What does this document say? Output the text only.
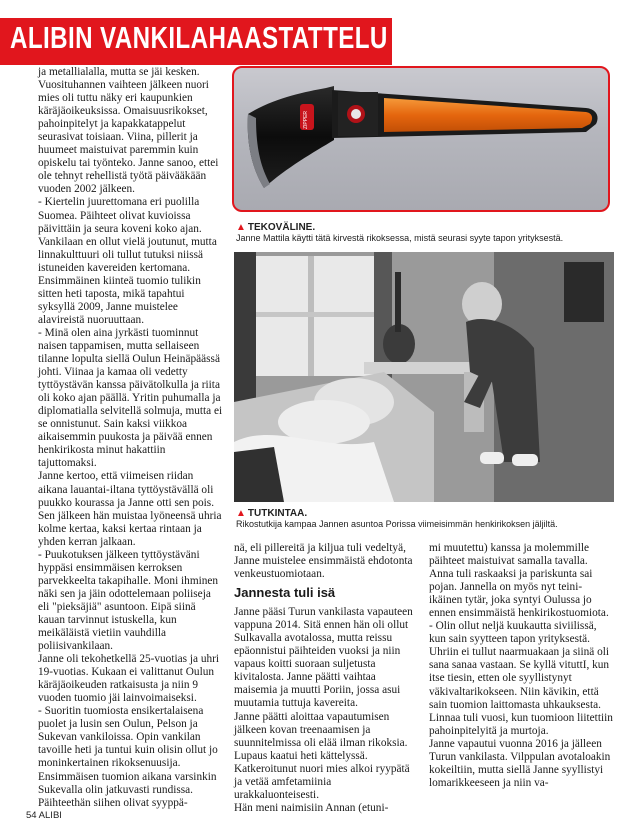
ALIBIN VANKILAHAASTATTELU

ja metallialalla, mutta se jäi kesken. Vuosituhannen vaihteen jälkeen nuori mies oli tuttu näky eri kaupunkien käräjäoikeuksissa. Omaisuusrikokset, pahoinpitelyt ja kapakkatappelut seurasivat toisiaan. Viina, pillerit ja huumeet maistuivat paremmin kuin opiskelu tai työnteko. Janne sanoo, ettei ole tehnyt rehellistä työtä päivääkään vuoden 2002 jälkeen.

- Kiertelin juurettomana eri puolilla Suomea. Päihteet olivat kuvioissa päivittäin ja seura koveni koko ajan. Vankilaan en ollut vielä joutunut, mutta linnakulttuuri oli tullut tutuksi niissä istuneiden kavereiden kertomana. Ensimmäinen kiinteä tuomio tulikin sitten heti taposta, mikä tapahtui syksyllä 2009, Janne muistelee alavireistä nuoruuttaan.

- Minä olen aina jyrkästi tuominnut naisen tappamisen, mutta sellaiseen tilanne lopulta siellä Oulun Heinäpäässä johti. Viinaa ja kamaa oli vedetty tyttöystävän kanssa päivätolkulla ja riita oli koko ajan päällä. Yritin puhumalla ja diplomatialla selvitellä solmuja, mutta ei se onnistunut. Sain kaksi viikkoa aikaisemmin puukosta ja päivää ennen henkirikosta minut hakattiin tajuttomaksi.

Janne kertoo, että viimeisen riidan aikana lauantai-iltana tyttöystävällä oli puukko kourassa ja Janne otti sen pois. Sen jälkeen hän muistaa lyöneensä uhria kolme kertaa, kaksi kertaa rintaan ja yhden kerran jalkaan.

- Puukotuksen jälkeen tyttöystäväni hyppäsi ensimmäisen kerroksen parvekkeelta takapihalle. Moni ihminen näki sen ja jäin odottelemaan poliiseja eli "pieksäjiä" asuntoon. Eipä siinä kauan tarvinnut istuskella, kun meikäläistä vietiin vauhdilla poliisivankilaan.

Janne oli tekohetkellä 25-vuotias ja uhri 19-vuotias. Kukaan ei valittanut Oulun käräjäoikeuden ratkaisusta ja niin 9 vuoden tuomio jäi lainvoimaiseksi.

- Suoritin tuomiosta ensikertalaisena puolet ja lusin sen Oulun, Pelson ja Sukevan vankiloissa. Opin vankilan tavoille heti ja tuntui kuin olisin ollut jo moninkertainen rikoksenuusija. Ensimmäisen tuomion aikana varsinkin Sukevalla olin jatkuvasti rundissa. Päihteethän siihen olivat syyppä-

ZIPPER
▲ TEKOVÄLINE.
Janne Mattila käytti tätä kirvestä rikoksessa, mistä seurasi syyte tapon yrityksestä.
▲ TUTKINTAA.
Rikostutkija kampaa Jannen asuntoa Porissa viimeisimmän henkirikoksen jäljiltä.

nä, eli pillereitä ja kiljua tuli vedeltyä, Janne muistelee ensimmäistä ehdotonta venkeustuomiotaan.

Jannesta tuli isä

Janne pääsi Turun vankilasta vapauteen vappuna 2014. Sitä ennen hän oli ollut Sulkavalla avotalossa, mutta reissu epäonnistui päihteiden vuoksi ja niin vapaus koitti suoraan suljetusta kivitalosta. Janne päätti vaihtaa maisemia ja muutti Poriin, jossa asui muutamia tuttuja kavereita.

Janne päätti aloittaa vapautumisen jälkeen kovan treenaamisen ja suunnitelmissa oli elää ilman rikoksia. Lupaus kaatui heti kättelyssä. Katkeroitunut nuori mies alkoi ryypätä ja vetää amfetamiinia urakkaluonteisesti.

Hän meni naimisiin Annan (etuni-

mi muutettu) kanssa ja molemmille päihteet maistuivat samalla tavalla. Anna tuli raskaaksi ja pariskunta sai pojan. Jannella on myös nyt teini-ikäinen tytär, joka syntyi Oulussa jo ennen ensimmäistä henkirikostuomiota.

- Olin ollut neljä kuukautta siviilissä, kun sain syytteen tapon yrityksestä. Uhriin ei tullut naarmuakaan ja siinä oli sana sanaa vastaan. Se kyllä vituttI, kun itse tiesin, etten ole syyllistynyt väkivaltarikokseen. Niin kävikin, että sain tuomion laittomasta uhkauksesta. Linnaa tuli vuosi, kun tuomioon liitettiin pahoinpitelyitä ja murtoja.

Janne vapautui vuonna 2016 ja jälleen Turun vankilasta. Vilppulan avotaloakin kokeiltiin, mutta siellä Janne syyllistyi lomarikkeeseen ja niin va-

54 ALIBI
